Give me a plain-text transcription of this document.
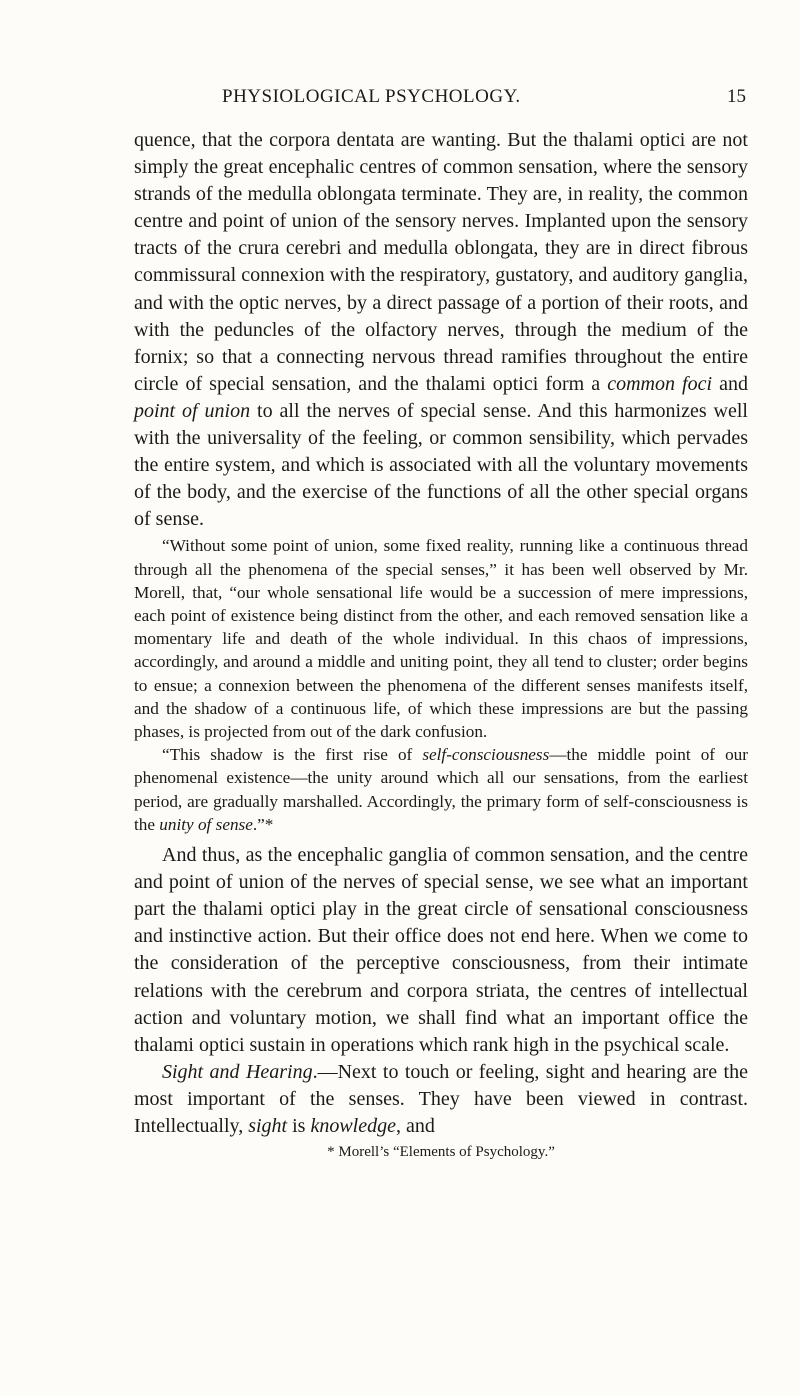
PHYSIOLOGICAL PSYCHOLOGY.	15

quence, that the corpora dentata are wanting. But the thalami optici are not simply the great encephalic centres of common sensation, where the sensory strands of the medulla oblongata terminate. They are, in reality, the common centre and point of union of the sensory nerves. Implanted upon the sensory tracts of the crura cerebri and medulla oblongata, they are in direct fibrous commissural connexion with the respiratory, gustatory, and auditory ganglia, and with the optic nerves, by a direct passage of a portion of their roots, and with the peduncles of the olfactory nerves, through the medium of the fornix; so that a connecting nervous thread ramifies throughout the entire circle of special sensation, and the thalami optici form a common foci and point of union to all the nerves of special sense. And this harmonizes well with the universality of the feeling, or common sensibility, which pervades the entire system, and which is associated with all the voluntary movements of the body, and the exercise of the functions of all the other special organs of sense.

“Without some point of union, some fixed reality, running like a continuous thread through all the phenomena of the special senses,” it has been well observed by Mr. Morell, that, “our whole sensational life would be a succession of mere impressions, each point of existence being distinct from the other, and each removed sensation like a momentary life and death of the whole individual. In this chaos of impressions, accordingly, and around a middle and uniting point, they all tend to cluster; order begins to ensue; a connexion between the phenomena of the different senses manifests itself, and the shadow of a continuous life, of which these impressions are but the passing phases, is projected from out of the dark confusion.

“This shadow is the first rise of self-consciousness—the middle point of our phenomenal existence—the unity around which all our sensations, from the earliest period, are gradually marshalled. Accordingly, the primary form of self-consciousness is the unity of sense.”*

And thus, as the encephalic ganglia of common sensation, and the centre and point of union of the nerves of special sense, we see what an important part the thalami optici play in the great circle of sensational consciousness and instinctive action. But their office does not end here. When we come to the consideration of the perceptive consciousness, from their intimate relations with the cerebrum and corpora striata, the centres of intellectual action and voluntary motion, we shall find what an important office the thalami optici sustain in operations which rank high in the psychical scale.

Sight and Hearing.—Next to touch or feeling, sight and hearing are the most important of the senses. They have been viewed in contrast. Intellectually, sight is knowledge, and

* Morell’s “Elements of Psychology.”
